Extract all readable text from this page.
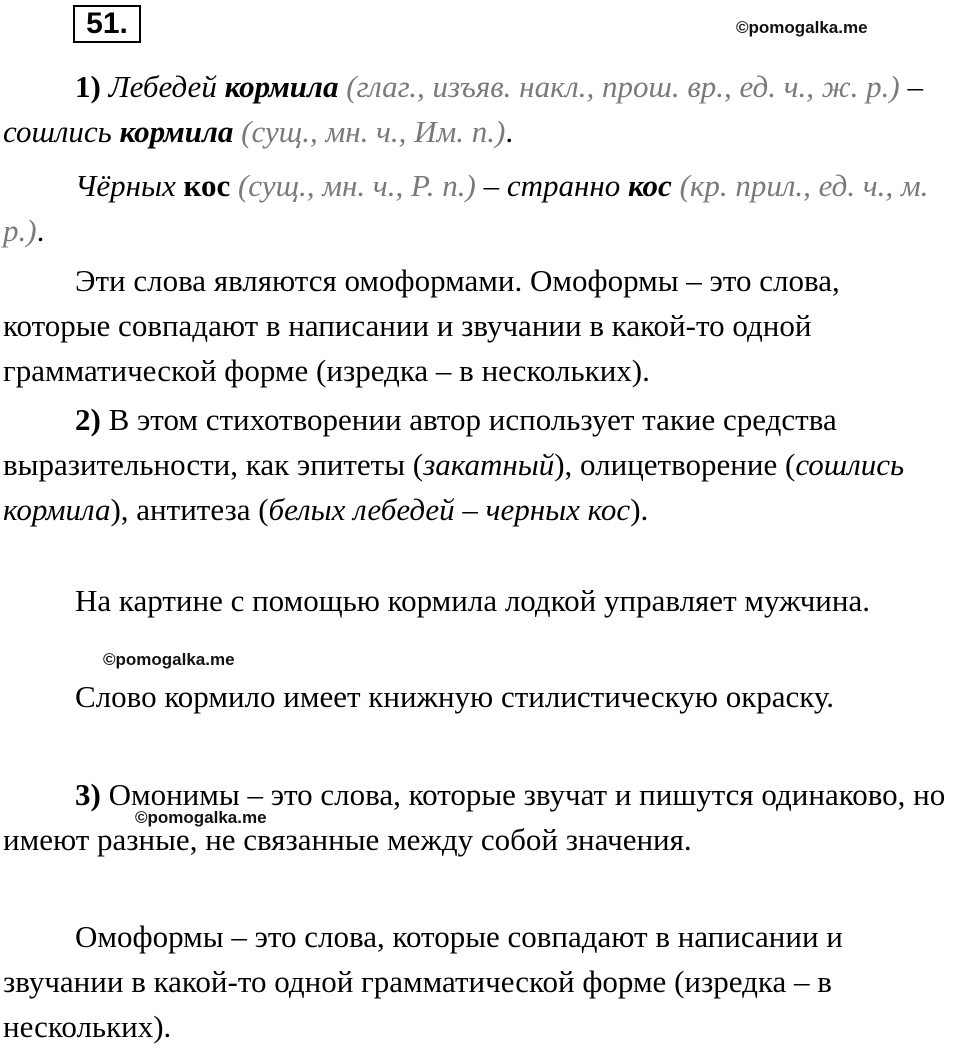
51.	©pomogalka.me

1) Лебедей кормила (глаг., изъяв. накл., прош. вр., ед. ч., ж. р.) – сошлись кормила (сущ., мн. ч., Им. п.).

Чёрных кос (сущ., мн. ч., Р. п.) – странно кос (кр. прил., ед. ч., м. р.).

Эти слова являются омоформами. Омоформы – это слова, которые совпадают в написании и звучании в какой-то одной грамматической форме (изредка – в нескольких).

2) В этом стихотворении автор использует такие средства выразительности, как эпитеты (закатный), олицетворение (сошлись кормила), антитеза (белых лебедей – черных кос).

На картине с помощью кормила лодкой управляет мужчина.

©pomogalka.me

Слово кормило имеет книжную стилистическую окраску.

3) Омонимы – это слова, которые звучат и пишутся одинаково, но имеют разные, не связанные между собой значения.

©pomogalka.me

Омоформы – это слова, которые совпадают в написании и звучании в какой-то одной грамматической форме (изредка – в нескольких).
